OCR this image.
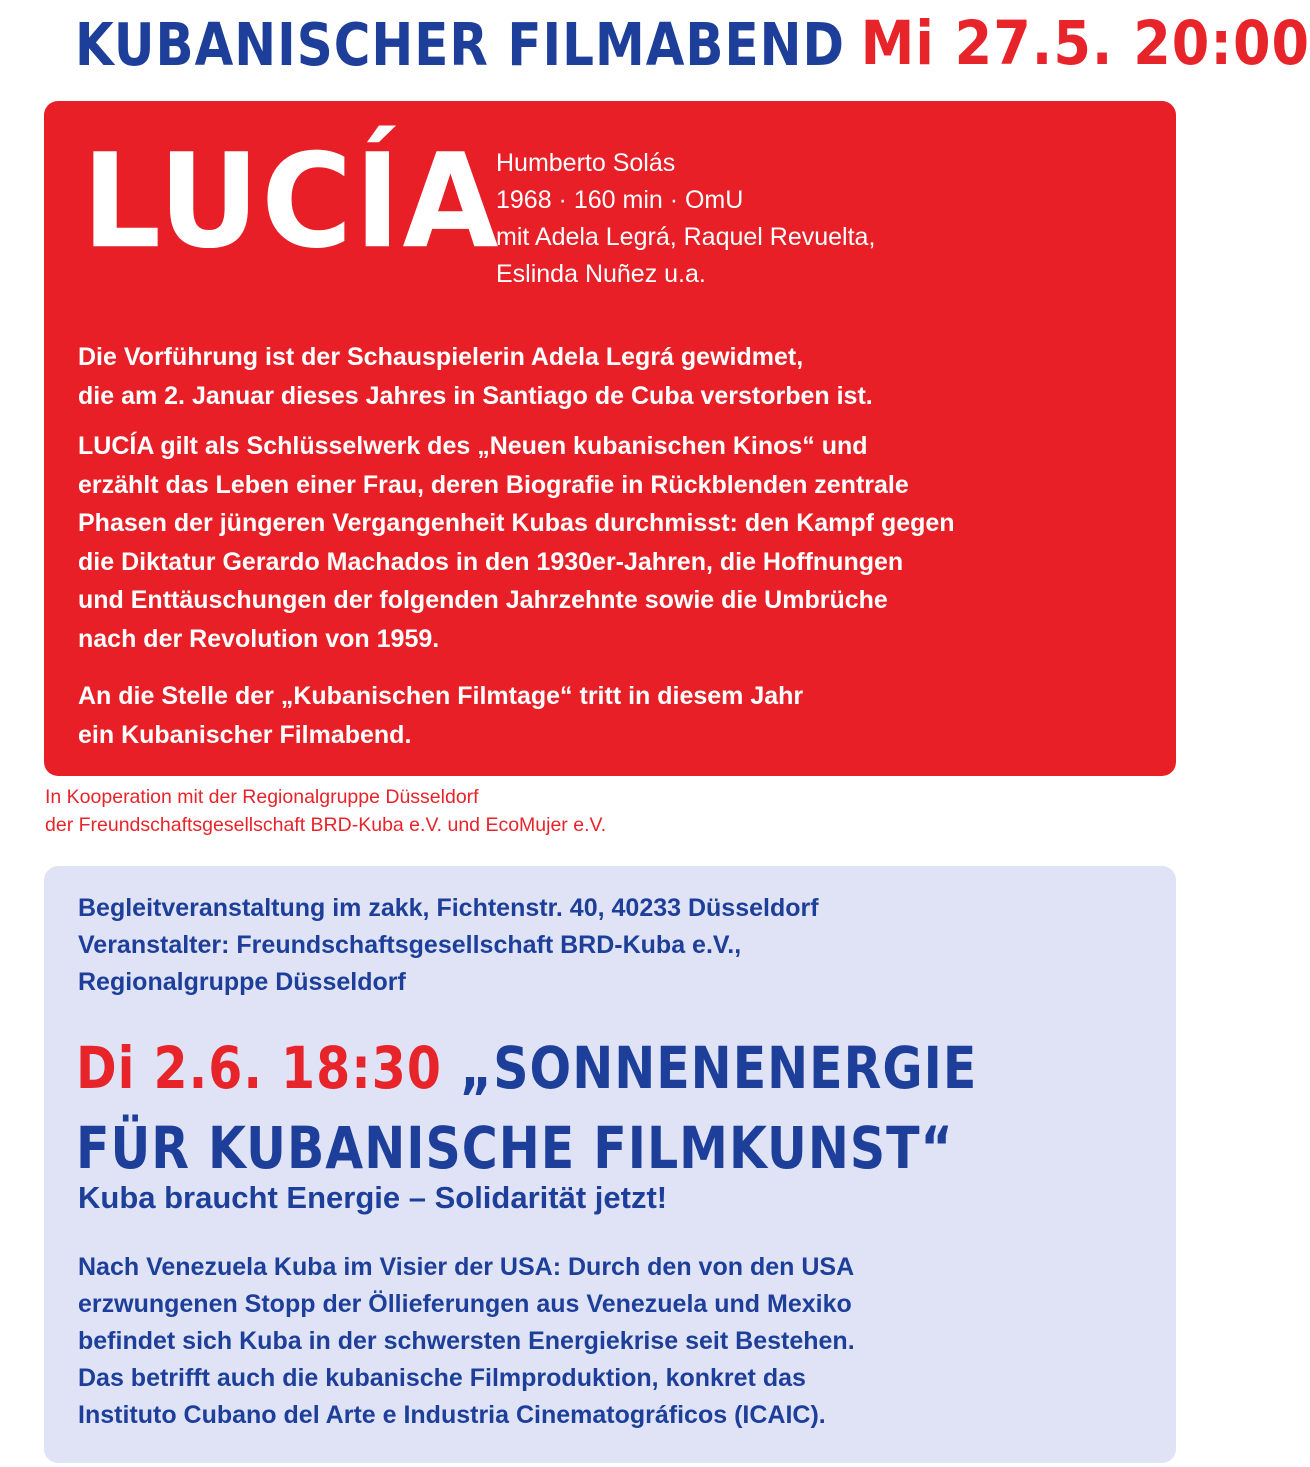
KUBANISCHER FILMABEND Mi 27.5. 20:00
LUCÍA
Humberto Solás
1968 · 160 min · OmU
mit Adela Legrá, Raquel Revuelta,
Eslinda Nuñez u.a.
Die Vorführung ist der Schauspielerin Adela Legrá gewidmet,
die am 2. Januar dieses Jahres in Santiago de Cuba verstorben ist.
LUCÍA gilt als Schlüsselwerk des „Neuen kubanischen Kinos“ und
erzählt das Leben einer Frau, deren Biografie in Rückblenden zentrale
Phasen der jüngeren Vergangenheit Kubas durchmisst: den Kampf gegen
die Diktatur Gerardo Machados in den 1930er-Jahren, die Hoffnungen
und Enttäuschungen der folgenden Jahrzehnte sowie die Umbrüche
nach der Revolution von 1959.
An die Stelle der „Kubanischen Filmtage“ tritt in diesem Jahr
ein Kubanischer Filmabend.
In Kooperation mit der Regionalgruppe Düsseldorf
der Freundschaftsgesellschaft BRD-Kuba e.V. und EcoMujer e.V.
Begleitveranstaltung im zakk, Fichtenstr. 40, 40233 Düsseldorf
Veranstalter: Freundschaftsgesellschaft BRD-Kuba e.V.,
Regionalgruppe Düsseldorf
Di 2.6. 18:30 „SONNENENERGIE
FÜR KUBANISCHE FILMKUNST“
Kuba braucht Energie – Solidarität jetzt!
Nach Venezuela Kuba im Visier der USA: Durch den von den USA
erzwungenen Stopp der Öllieferungen aus Venezuela und Mexiko
befindet sich Kuba in der schwersten Energiekrise seit Bestehen.
Das betrifft auch die kubanische Filmproduktion, konkret das
Instituto Cubano del Arte e Industria Cinematográficos (ICAIC).
